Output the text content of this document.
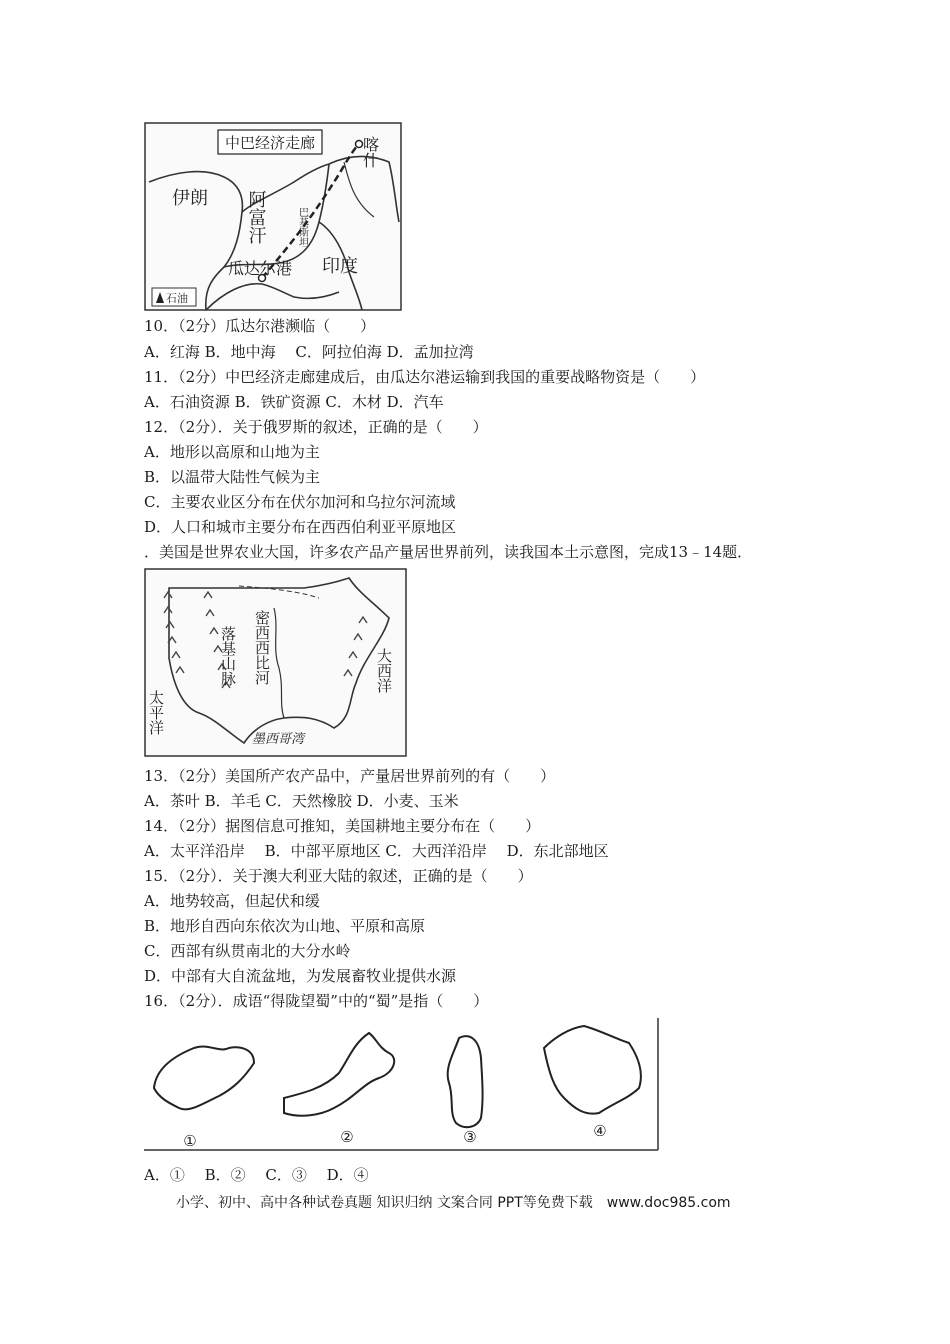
中巴经济走廊	喀什
伊朗 阿富汗	巴基斯坦
瓜达尔港 印度
石油
落基山脉 密西西比河	大西洋
太平洋
墨西哥湾
①	②	③	④
10．（2分）瓜达尔港濒临（　　）
A．红海 B．地中海　 C．阿拉伯海 D．孟加拉湾
11．（2分）中巴经济走廊建成后，由瓜达尔港运输到我国的重要战略物资是（　　）
A．石油资源 B．铁矿资源 C．木材 D．汽车
12．（2分）．关于俄罗斯的叙述，正确的是（　　）
A．地形以高原和山地为主
B．以温带大陆性气候为主
C．主要农业区分布在伏尔加河和乌拉尔河流域
D．人口和城市主要分布在西西伯利亚平原地区
．美国是世界农业大国，许多农产品产量居世界前列，读我国本土示意图，完成13﹣14题．
13．（2分）美国所产农产品中，产量居世界前列的有（　　）
A．茶叶 B．羊毛 C．天然橡胶 D．小麦、玉米
14．（2分）据图信息可推知，美国耕地主要分布在（　　）
A．太平洋沿岸　 B．中部平原地区 C．大西洋沿岸　 D．东北部地区
15．（2分）．关于澳大利亚大陆的叙述，正确的是（　　）
A．地势较高，但起伏和缓
B．地形自西向东依次为山地、平原和高原
C．西部有纵贯南北的大分水岭
D．中部有大自流盆地，为发展畜牧业提供水源
16．（2分）．成语“得陇望蜀”中的“蜀”是指（　　）
A．①　 B．②　 C．③　 D．④
小学、初中、高中各种试卷真题 知识归纳 文案合同 PPT等免费下载　www.doc985.com
